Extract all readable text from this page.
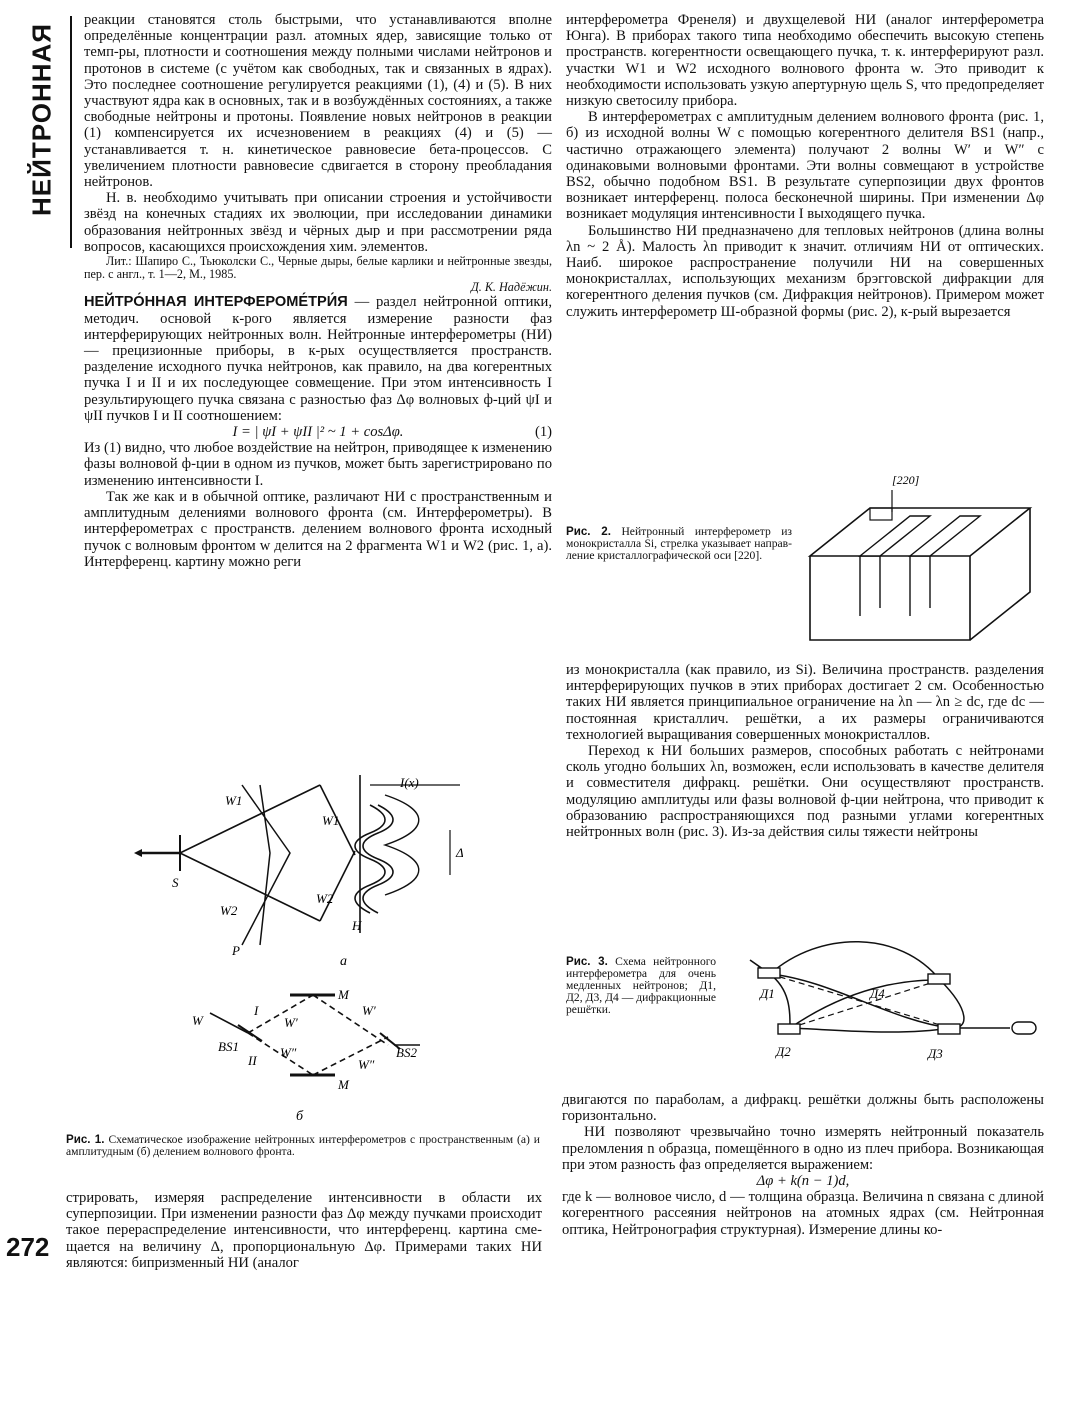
НЕЙТРОННАЯ
272

реакции становятся столь быстрыми, что устанавливаются вполне определённые концентрации разл. атомных ядер, зависящие только от темп-ры, плотности и соотношения между полными числами нейтронов и протонов в системе (с учётом как свободных, так и связанных в ядрах). Это последнее соотношение регулируется реакциями (1), (4) и (5). В них участвуют ядра как в основных, так и в возбуждённых состояниях, а также свободные нейтроны и протоны. Появление новых нейтронов в реакции (1) компенсируется их исчезновением в реакциях (4) и (5) — устанавливается т. н. кинетическое равновесие бета-процессов. С увеличением плотности равновесие сдвигается в сторону преобладания нейтронов.

Н. в. необходимо учитывать при описании строения и устойчивости звёзд на конечных стадиях их эволюции, при исследовании динамики образования нейтронных звёзд и чёрных дыр и при рассмотрении ряда вопросов, касающихся происхождения хим. элементов.

Лит.: Шапиро С., Тьюколски С., Черные дыры, белые карлики и нейтронные звезды, пер. с англ., т. 1—2, М., 1985.

Д. К. Надёжин.

НЕЙТРО́ННАЯ ИНТЕРФЕРОМЕ́ТРИ́Я — раздел нейтронной оптики, методич. основой к-рого является измерение разности фаз интерферирующих нейтронных волн. Нейтронные интерферометры (НИ) — прецизионные приборы, в к-рых осуществляется пространств. разделение исходного пучка нейтронов, как правило, на два когерентных пучка I и II и их последующее совмещение. При этом интенсивность I результирующего пучка связана с разностью фаз Δφ волновых ф-ций ψI и ψII пучков I и II соотношением:

I = | ψI + ψII |² ~ 1 + cosΔφ.	(1)

Из (1) видно, что любое воздействие на нейтрон, приводящее к изменению фазы волновой ф-ции в одном из пучков, может быть зарегистрировано по изменению интенсивности I.

Так же как и в обычной оптике, различают НИ с пространственным и амплитудным делениями волнового фронта (см. Интерферометры). В интерферометрах с пространств. делением волнового фронта исходный пучок с волновым фронтом w делится на 2 фрагмента W1 и W2 (рис. 1, а). Интерференц. картину можно реги

I(x)
Δ
W1
W2
W1
W2
S
P
H
а
W	W′
W″
W′
W″
BS1	BS2
M
M
I
II
б
Рис. 1. Схематическое изображение нейтронных интерферометров с пространственным (а) и амплитудным (б) делением волнового фронта.

стрировать, измеряя распределение интенсивности в области их суперпозиции. При изменении разности фаз Δφ между пучками происходит такое перераспределение интенсивности, что интерференц. картина смещается на величину Δ, пропорциональную Δφ. Примерами таких НИ являются: бипризменный НИ (аналог

интерферометра Френеля) и двухщелевой НИ (аналог интерферометра Юнга). В приборах такого типа необходимо обеспечить высокую степень пространств. когерентности освещающего пучка, т. к. интерферируют разл. участки W1 и W2 исходного волнового фронта w. Это приводит к необходимости использовать узкую апертурную щель S, что предопределяет низкую светосилу прибора.

В интерферометрах с амплитудным делением волнового фронта (рис. 1, б) из исходной волны W с помощью когерентного делителя BS1 (напр., частично отражающего элемента) получают 2 волны W′ и W″ с одинаковыми волновыми фронтами. Эти волны совмещают в устройстве BS2, обычно подобном BS1. В результате суперпозиции двух фронтов возникает интерференц. полоса бесконечной ширины. При изменении Δφ возникает модуляция интенсивности I выходящего пучка.

Большинство НИ предназначено для тепловых нейтронов (длина волны λn ~ 2 Å). Малость λn приводит к значит. отличиям НИ от оптических. Наиб. широкое распространение получили НИ на совершенных монокристаллах, использующих механизм брэгговской дифракции для когерентного деления пучков (см. Дифракция нейтронов). Примером может служить интерферометр Ш-образной формы (рис. 2), к-рый вырезается

Рис. 2. Нейтронный интерферометр из монокристалла Si, стрелка указывает направление кристаллографической оси [220].
[220]

из монокристалла (как правило, из Si). Величина пространств. разделения интерферирующих пучков в этих приборах достигает 2 см. Особенностью таких НИ является принципиальное ограничение на λn — λn ≥ dc, где dc — постоянная кристаллич. решётки, а их размеры ограничиваются технологией выращивания совершенных монокристаллов.

Переход к НИ больших размеров, способных работать с нейтронами сколь угодно больших λn, возможен, если использовать в качестве делителя и совместителя дифракц. решётки. Они осуществляют пространств. модуляцию амплитуды или фазы волновой ф-ции нейтрона, что приводит к образованию распространяющихся под разными углами когерентных нейтронных волн (рис. 3). Из-за действия силы тяжести нейтроны

Рис. 3. Схема нейтронного интерферометра для очень медленных нейтронов; Д1, Д2, Д3, Д4 — дифракционные решётки.
Д1
Д2	Д3
Д4

двигаются по параболам, а дифракц. решётки должны быть расположены горизонтально.

НИ позволяют чрезвычайно точно измерять нейтронный показатель преломления n образца, помещённого в одно из плеч прибора. Возникающая при этом разность фаз определяется выражением:

Δφ + k(n − 1)d,

где k — волновое число, d — толщина образца. Величина n связана с длиной когерентного рассеяния нейтронов на атомных ядрах (см. Нейтронная оптика, Нейтронография структурная). Измерение длины ко-
